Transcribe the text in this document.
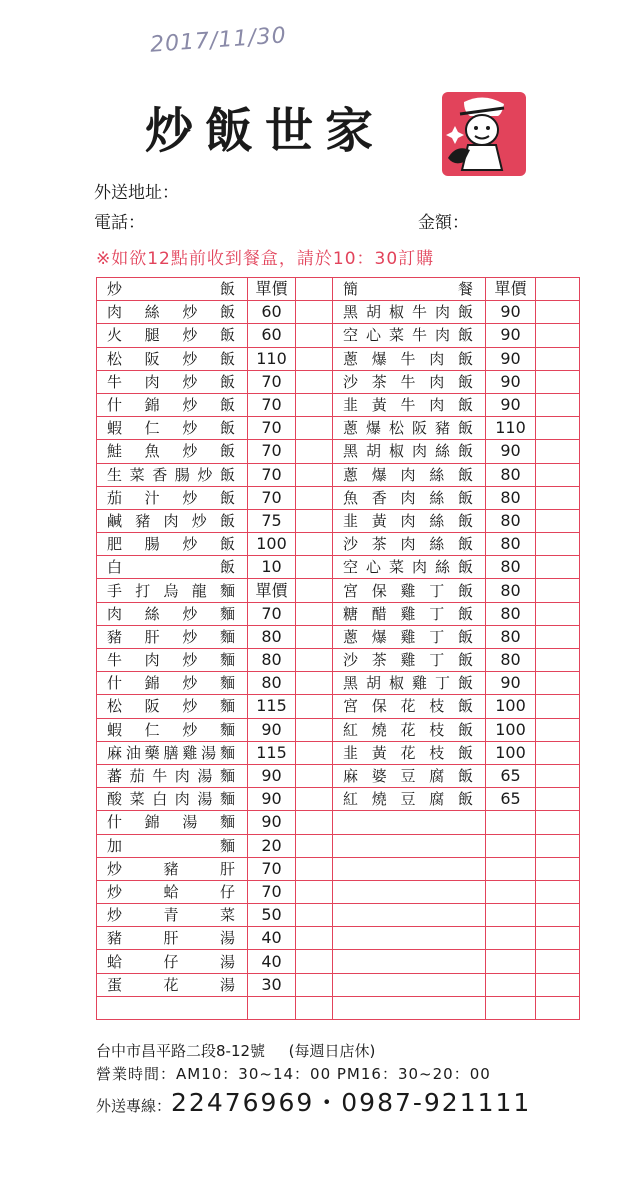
2017/11/30
炒飯世家
外送地址：
電話：	金額：
※如欲12點前收到餐盒，請於10：30訂購
炒　　飯	單價		簡　　餐	單價	
肉絲炒飯	60		黑胡椒牛肉飯	90	
火腿炒飯	60		空心菜牛肉飯	90	
松阪炒飯	110		蔥爆牛肉飯	90	
牛肉炒飯	70		沙茶牛肉飯	90	
什錦炒飯	70		韭黃牛肉飯	90	
蝦仁炒飯	70		蔥爆松阪豬飯	110	
鮭魚炒飯	70		黑胡椒肉絲飯	90	
生菜香腸炒飯	70		蔥爆肉絲飯	80	
茄汁炒飯	70		魚香肉絲飯	80	
鹹豬肉炒飯	75		韭黃肉絲飯	80	
肥腸炒飯	100		沙茶肉絲飯	80	
白　　飯	10		空心菜肉絲飯	80	
手打烏龍麵	單價		宮保雞丁飯	80	
肉絲炒麵	70		糖醋雞丁飯	80	
豬肝炒麵	80		蔥爆雞丁飯	80	
牛肉炒麵	80		沙茶雞丁飯	80	
什錦炒麵	80		黑胡椒雞丁飯	90	
松阪炒麵	115		宮保花枝飯	100	
蝦仁炒麵	90		紅燒花枝飯	100	
麻油藥膳雞湯麵	115		韭黃花枝飯	100	
蕃茄牛肉湯麵	90		麻婆豆腐飯	65	
酸菜白肉湯麵	90		紅燒豆腐飯	65	
什錦湯麵	90				
加　　麵	20				
炒豬肝	70				
炒蛤仔	70				
炒青菜	50				
豬肝湯	40				
蛤仔湯	40				
蛋花湯	30				

台中市昌平路二段8-12號 (每週日店休)
營業時間：AM10：30~14：00 PM16：30~20：00
外送專線：22476969・0987-921111
